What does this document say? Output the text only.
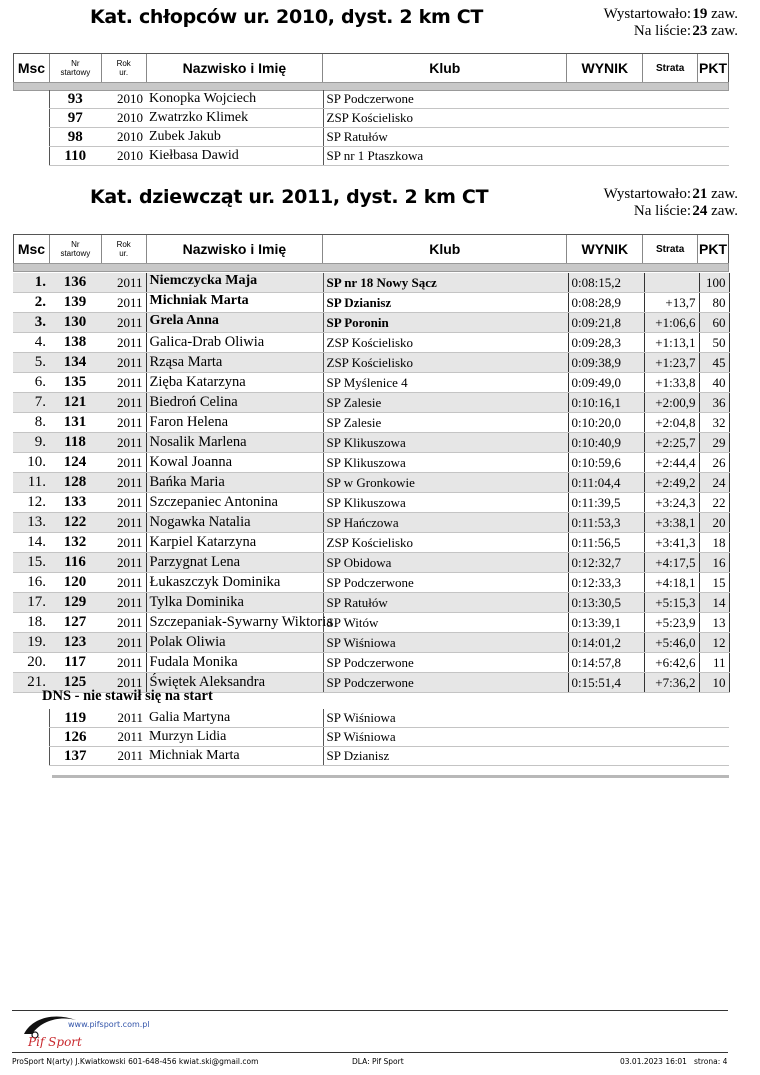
Kat. chłopców ur. 2010, dyst. 2 km CT	Wystartowało: 19 zaw.
Na liście: 23 zaw.
Msc	Nr
startowy
Rok
ur.	Nazwisko i Imię	Klub	WYNIK	Strata	PKT
	93	2010	Konopka Wojciech	SP Podczerwone
	97	2010	Zwatrzko Klimek	ZSP Kościelisko
	98	2010	Zubek Jakub	SP Ratułów
	110	2010	Kiełbasa Dawid	SP nr 1 Ptaszkowa
Kat. dziewcząt ur. 2011, dyst. 2 km CT	Wystartowało: 21 zaw.
Na liście: 24 zaw.
Msc	Nr
startowy
Rok
ur.	Nazwisko i Imię	Klub	WYNIK	Strata	PKT
1.	136	2011	Niemczycka Maja	SP nr 18 Nowy Sącz	0:08:15,2		100
2.	139	2011	Michniak Marta	SP Dzianisz	0:08:28,9	+13,7	80
3.	130	2011	Grela Anna	SP Poronin	0:09:21,8	+1:06,6	60
4.	138	2011	Galica-Drab Oliwia	ZSP Kościelisko	0:09:28,3	+1:13,1	50
5.	134	2011	Rząsa Marta	ZSP Kościelisko	0:09:38,9	+1:23,7	45
6.	135	2011	Zięba Katarzyna	SP Myślenice 4	0:09:49,0	+1:33,8	40
7.	121	2011	Biedroń Celina	SP Zalesie	0:10:16,1	+2:00,9	36
8.	131	2011	Faron Helena	SP Zalesie	0:10:20,0	+2:04,8	32
9.	118	2011	Nosalik Marlena	SP Klikuszowa	0:10:40,9	+2:25,7	29
10.	124	2011	Kowal Joanna	SP Klikuszowa	0:10:59,6	+2:44,4	26
11.	128	2011	Bańka Maria	SP w Gronkowie	0:11:04,4	+2:49,2	24
12.	133	2011	Szczepaniec Antonina	SP Klikuszowa	0:11:39,5	+3:24,3	22
13.	122	2011	Nogawka Natalia	SP Hańczowa	0:11:53,3	+3:38,1	20
14.	132	2011	Karpiel Katarzyna	ZSP Kościelisko	0:11:56,5	+3:41,3	18
15.	116	2011	Parzygnat Lena	SP Obidowa	0:12:32,7	+4:17,5	16
16.	120	2011	Łukaszczyk Dominika	SP Podczerwone	0:12:33,3	+4:18,1	15
17.	129	2011	Tylka Dominika	SP Ratułów	0:13:30,5	+5:15,3	14
18.	127	2011	Szczepaniak-Sywarny Wiktoria	SP Witów	0:13:39,1	+5:23,9	13
19.	123	2011	Polak Oliwia	SP Wiśniowa	0:14:01,2	+5:46,0	12
20.	117	2011	Fudala Monika	SP Podczerwone	0:14:57,8	+6:42,6	11
21.	125	2011	Świętek Aleksandra	SP Podczerwone	0:15:51,4	+7:36,2	10
DNS - nie stawił się na start
	119	2011	Galia Martyna	SP Wiśniowa
	126	2011	Murzyn Lidia	SP Wiśniowa
	137	2011	Michniak Marta	SP Dzianisz
Pif Sport
www.pifsport.com.pl
ProSport N(arty) J.Kwiatkowski 601-648-456 kwiat.ski@gmail.com	DLA: Pif Sport	03.01.2023 16:01 strona: 4
